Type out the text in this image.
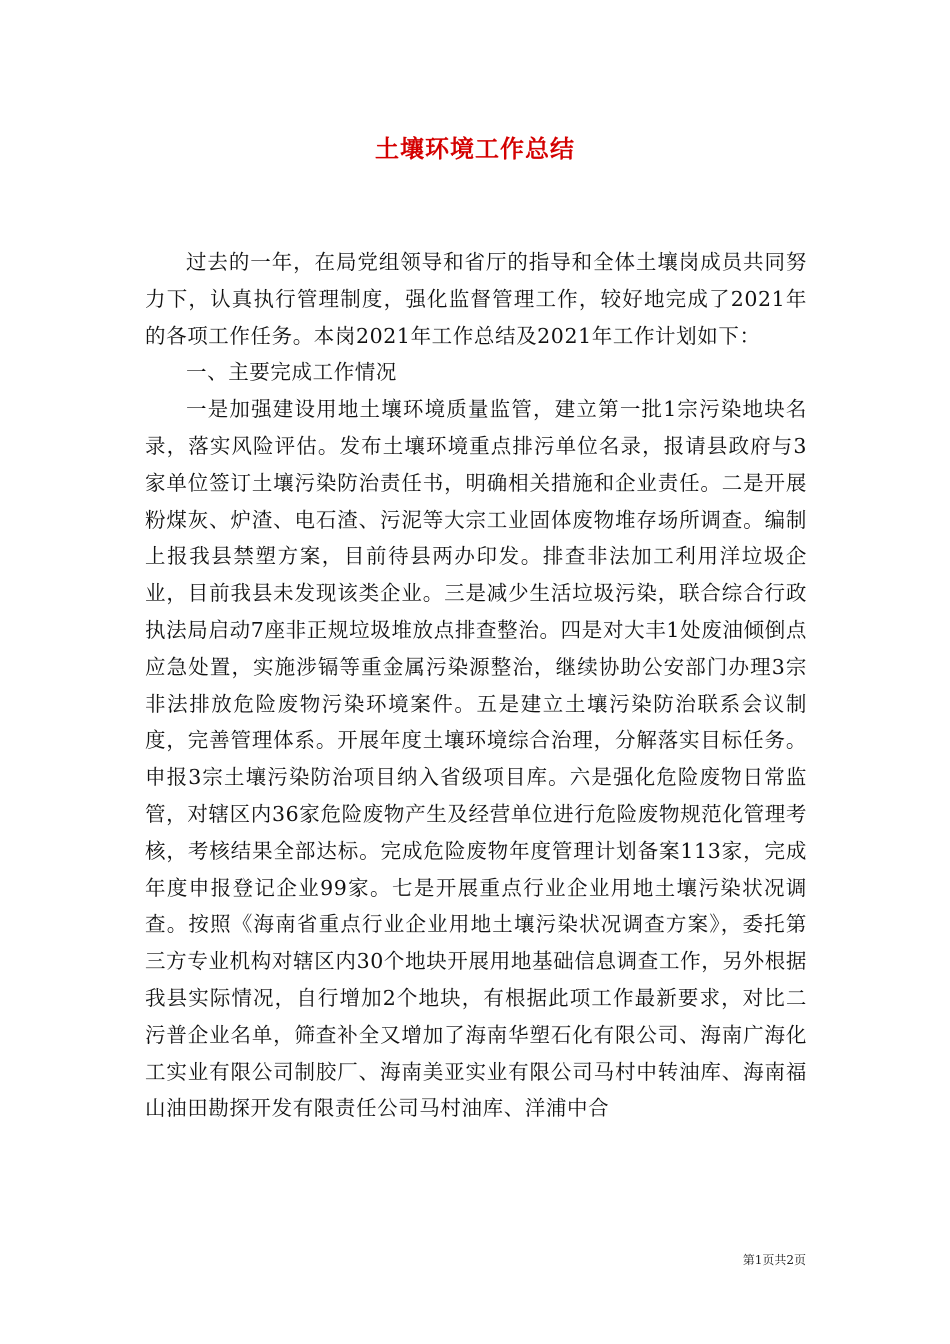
土壤环境工作总结

过去的一年，在局党组领导和省厅的指导和全体土壤岗成员共同努力下，认真执行管理制度，强化监督管理工作，较好地完成了2021年的各项工作任务。本岗2021年工作总结及2021年工作计划如下：

一、主要完成工作情况

一是加强建设用地土壤环境质量监管，建立第一批1宗污染地块名录，落实风险评估。发布土壤环境重点排污单位名录，报请县政府与3家单位签订土壤污染防治责任书，明确相关措施和企业责任。二是开展粉煤灰、炉渣、电石渣、污泥等大宗工业固体废物堆存场所调查。编制上报我县禁塑方案，目前待县两办印发。排查非法加工利用洋垃圾企业，目前我县未发现该类企业。三是减少生活垃圾污染，联合综合行政执法局启动7座非正规垃圾堆放点排查整治。四是对大丰1处废油倾倒点应急处置，实施涉镉等重金属污染源整治，继续协助公安部门办理3宗非法排放危险废物污染环境案件。五是建立土壤污染防治联系会议制度，完善管理体系。开展年度土壤环境综合治理，分解落实目标任务。申报3宗土壤污染防治项目纳入省级项目库。六是强化危险废物日常监管，对辖区内36家危险废物产生及经营单位进行危险废物规范化管理考核，考核结果全部达标。完成危险废物年度管理计划备案113家，完成年度申报登记企业99家。七是开展重点行业企业用地土壤污染状况调查。按照《海南省重点行业企业用地土壤污染状况调查方案》，委托第三方专业机构对辖区内30个地块开展用地基础信息调查工作，另外根据我县实际情况，自行增加2个地块，有根据此项工作最新要求，对比二污普企业名单，筛查补全又增加了海南华塑石化有限公司、海南广海化工实业有限公司制胶厂、海南美亚实业有限公司马村中转油库、海南福山油田勘探开发有限责任公司马村油库、洋浦中合

第1页共2页
